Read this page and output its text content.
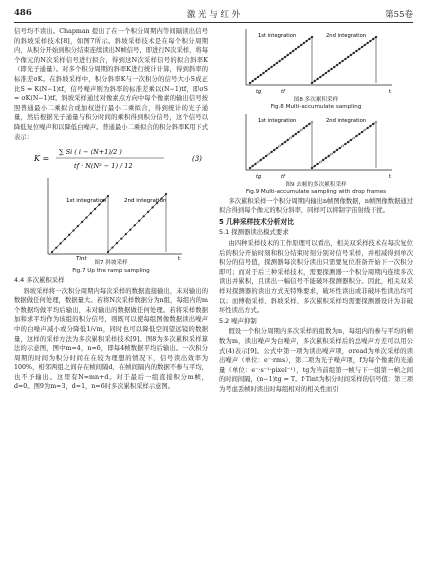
486	激 光 与 红 外	第55卷

信号均不读出。Chapman 提出了在一个积分周期内等间隔读出信号的斜坡采样技术[8]，如图7所示。斜坡采样技术是在每个积分周期内，从积分开始到积分结束连续读出N帧信号，即进行N次采样，将每个像元的N次采样信号进行拟合，得到这N次采样信号的拟合斜率K（即光子通量）。对多个积分周期的斜率K进行统计计算，得到斜率的标准差σK。在斜坡采样中，积分斜率K与一次积分的信号大小S成正比S = K(N−1)tf，信号噪声则为斜率的标准差乘以(N−1)tf，即σS = σK(N−1)tf。斜坡采样通过对像素点方向中每个像素的输出信号按照普通最小二乘拟合或加权进行最小二乘拟合，得到统计的光子通量，然后根据光子通量与积分时间的乘积得到积分信号，这个信号以降低复位噪声和以降低白噪声。普通最小二乘拟合的积分斜率K用下式表示：

K =
∑ Si ( i − (N+1)/2 )
tf · N(N² − 1) / 12
(3)
1st integration	2nd integration
t
Tint
图7 斜坡采样
Fig.7 Up the ramp sampling
4.4 多次累积采样

斜坡采样将一次积分周期内每次采样的数据直接输出，未对输出的数据做任何处理，数据量大。若将N次采样数据分为n组，每组内的m个数据均做平均后输出，未对输出的数据做任何处理。若将采样数据加和求平均作为该组的积分信号，则既可以使每组图像数据读出噪声中的白噪声减小或分降低1/√m，同时也可以降低空间望远镜的数据量，这样的采样方法为多次累积采样技术[9]。图8为多次累积采样算法的示意图，图中m=4，n=6，即每4帧数据平均后输出。一次积分周期的时间为积分时间在在较为理想的情况下，信号读出效率为100%，相邻两组之间存在帧间隔d，在帧间隔内的数据不参与平均，也不予输出。这里有N=mn+d。对于最后一组直接积分m帧，d=0。图9为m=3，d=1，n=6时多次累积采样示意图。

1st integration	2nd integration
t
tg	tf
图8 多次累积采样
Fig.8 Multi-accumulate sampling
1st integration	2nd integration
t
tg	tf
图9 去帧的多次累积采样
Fig.9 Multi-accumulate sampling with drop frames

多次累积采样一个积分周期内输出n帧图像数据，n帧图像数据通过拟合得到每个像元的积分斜率，同样可以抑制宇宙射线干扰。

5 几种采样技术分析对比
5.1 探测器读出模式要求

由四种采样技术的工作原理可以看出，相关双采样技术在每次复位后的积分开始时刻和积分结束时刻分别对信号采样，并相减得到单次积分的信号值，探测器每次积分读出只需要复位准备开始下一次积分即可；而对于后三种采样技术，需要探测器一个积分周期内连续多次读出并累积，且读出一幅信号不能破坏探测器积分。因此，相关双采样对探测器的读出方式无特殊要求，破坏性读出或非破坏性读出均可以；而傅勒采样、斜坡采样、多次累积采样均需要探测器设计为非破坏性读出方式。

5.2 噪声抑制

假设一个积分周期内多次采样的组数为n，每组内的参与平均的帧数为m，读出噪声为白噪声，多次累积采样后的总噪声方差可以用公式(4)表示[9]。公式中第一项为读出噪声项，σread为单次采样的读出噪声（单位：e⁻·rms），第二项为光子噪声项，f为每个像素的光通量（单位：e⁻·s⁻¹·pixel⁻¹），tg为当前组第一帧与下一组第一帧之间的时间间隔，(n−1)tg = T。f·Tint为积分时间采样的信号值：第三项为考虑丢帧时读出时每组相对的相关性而引
